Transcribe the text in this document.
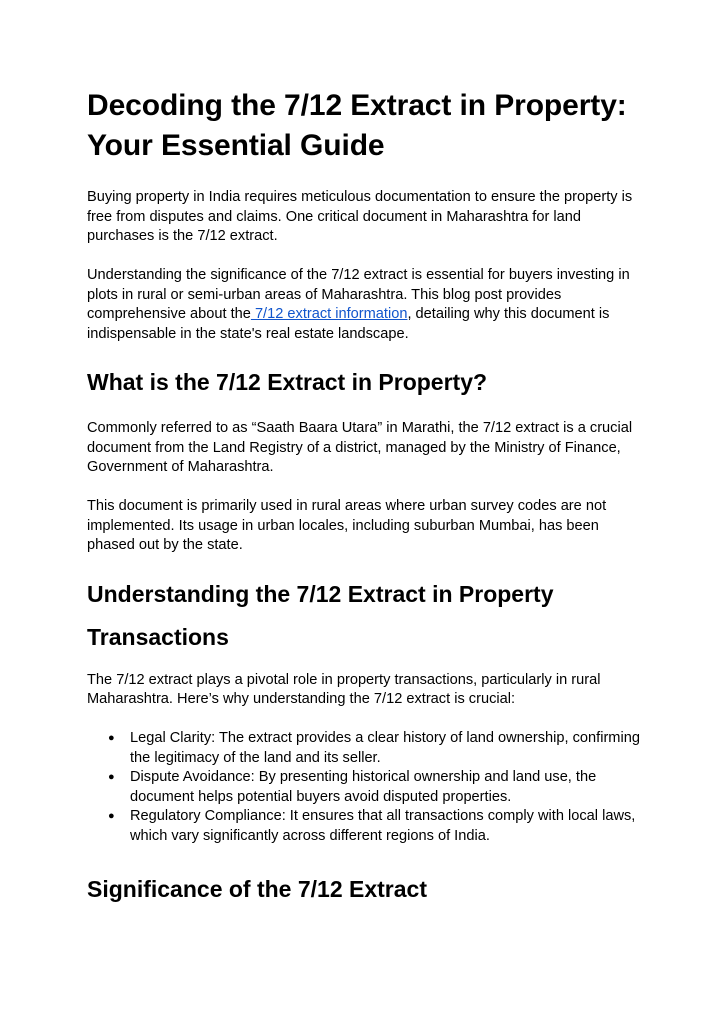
Decoding the 7/12 Extract in Property: Your Essential Guide

Buying property in India requires meticulous documentation to ensure the property is free from disputes and claims. One critical document in Maharashtra for land purchases is the 7/12 extract.

Understanding the significance of the 7/12 extract is essential for buyers investing in plots in rural or semi-urban areas of Maharashtra. This blog post provides comprehensive about the 7/12 extract information, detailing why this document is indispensable in the state's real estate landscape.

What is the 7/12 Extract in Property?

Commonly referred to as “Saath Baara Utara” in Marathi, the 7/12 extract is a crucial document from the Land Registry of a district, managed by the Ministry of Finance, Government of Maharashtra.

This document is primarily used in rural areas where urban survey codes are not implemented. Its usage in urban locales, including suburban Mumbai, has been phased out by the state.

Understanding the 7/12 Extract in Property
Transactions

The 7/12 extract plays a pivotal role in property transactions, particularly in rural Maharashtra. Here’s why understanding the 7/12 extract is crucial:

● Legal Clarity: The extract provides a clear history of land ownership, confirming the legitimacy of the land and its seller.
● Dispute Avoidance: By presenting historical ownership and land use, the document helps potential buyers avoid disputed properties.
● Regulatory Compliance: It ensures that all transactions comply with local laws, which vary significantly across different regions of India.
Significance of the 7/12 Extract
